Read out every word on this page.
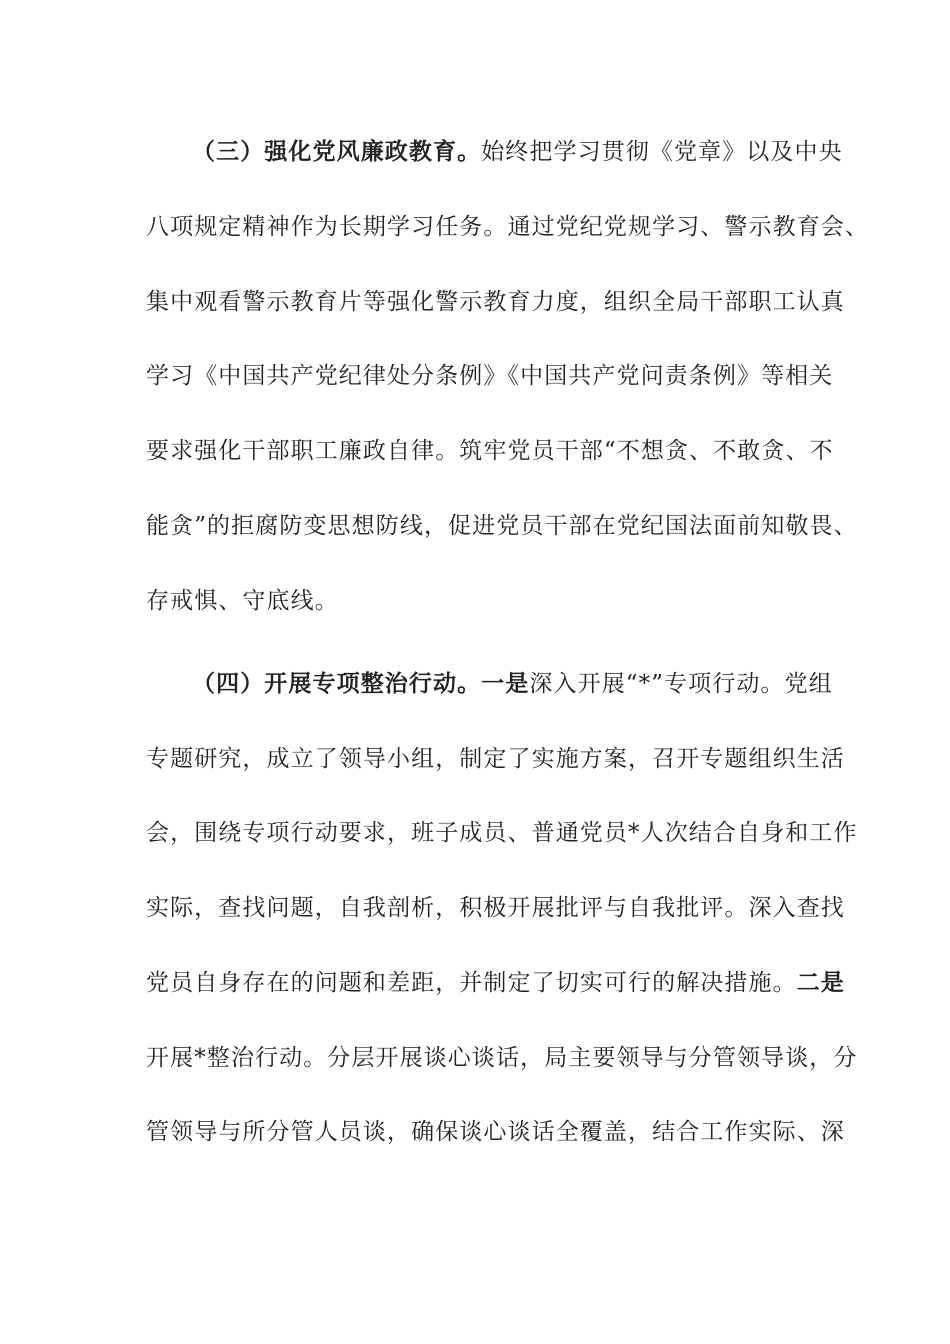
（三）强化党风廉政教育。始终把学习贯彻《党章》以及中央
八项规定精神作为长期学习任务。通过党纪党规学习、警示教育会、
集中观看警示教育片等强化警示教育力度，组织全局干部职工认真
学习《中国共产党纪律处分条例》《中国共产党问责条例》等相关
要求强化干部职工廉政自律。筑牢党员干部“不想贪、不敢贪、不
能贪”的拒腐防变思想防线，促进党员干部在党纪国法面前知敬畏、
存戒惧、守底线。
（四）开展专项整治行动。一是深入开展“*”专项行动。党组
专题研究，成立了领导小组，制定了实施方案，召开专题组织生活
会，围绕专项行动要求，班子成员、普通党员*人次结合自身和工作
实际，查找问题，自我剖析，积极开展批评与自我批评。深入查找
党员自身存在的问题和差距，并制定了切实可行的解决措施。二是
开展*整治行动。分层开展谈心谈话，局主要领导与分管领导谈，分
管领导与所分管人员谈，确保谈心谈话全覆盖，结合工作实际、深
